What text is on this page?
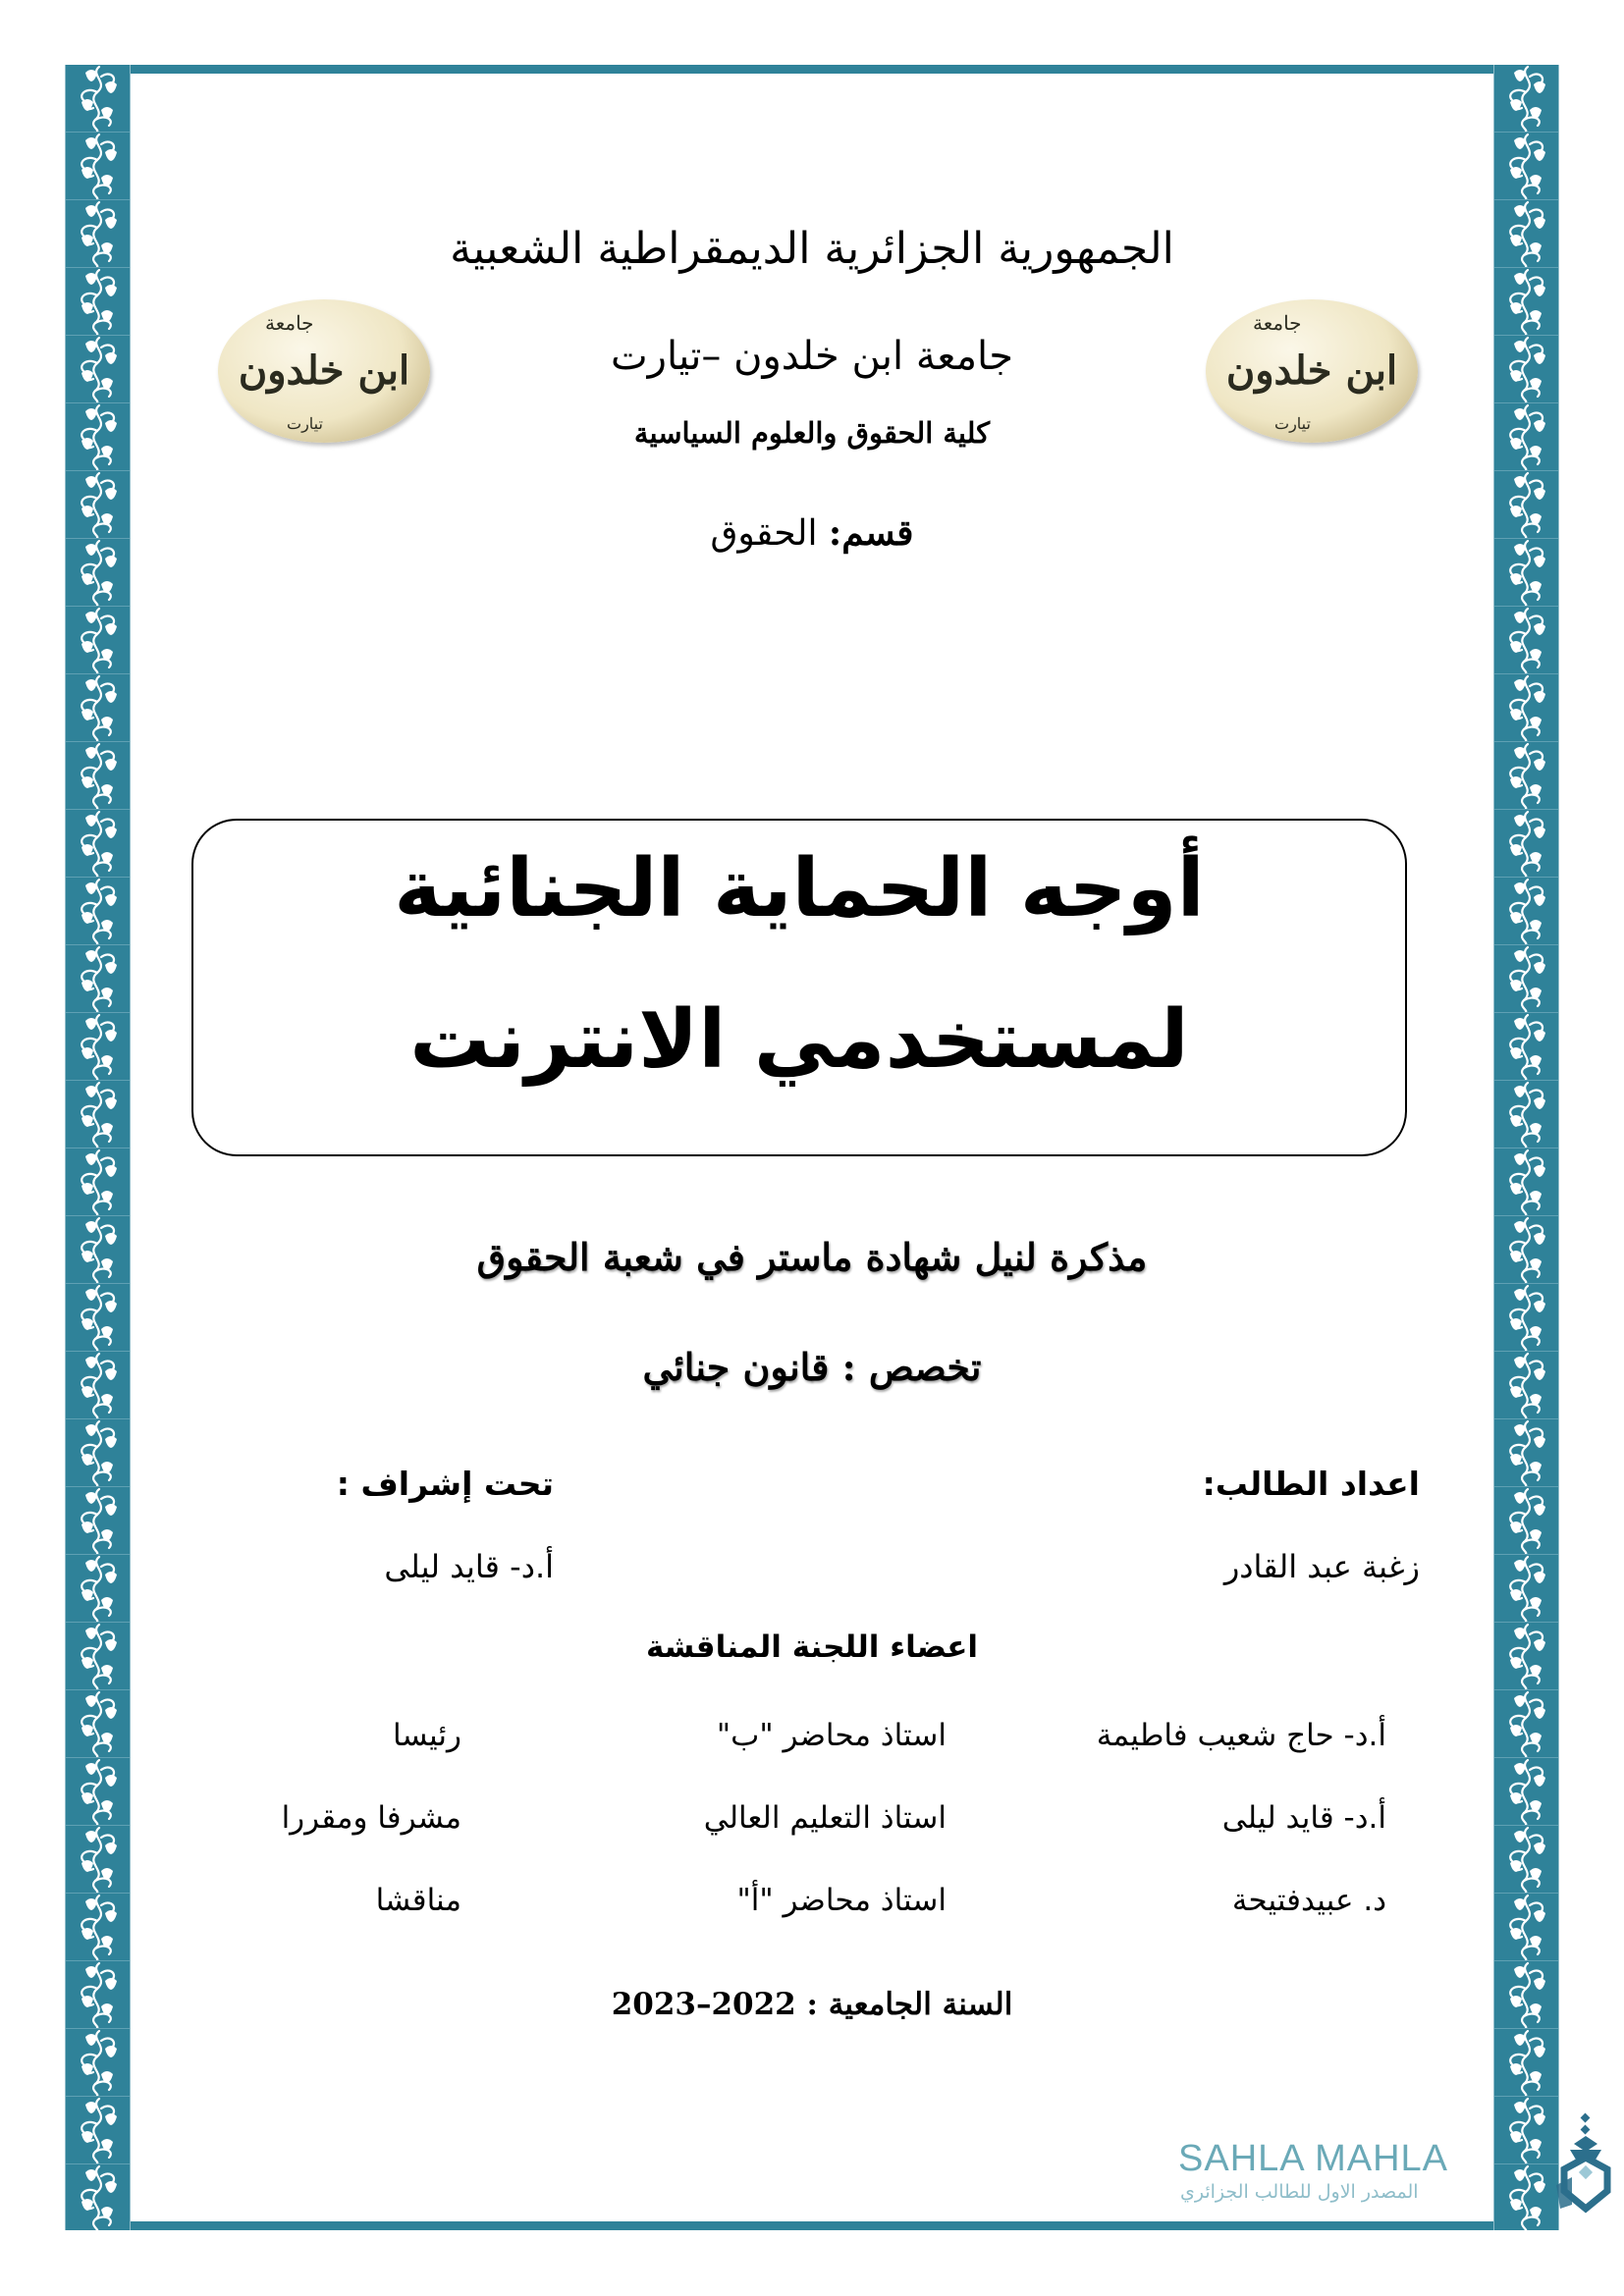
الجمهورية الجزائرية الديمقراطية الشعبية
جامعة ابن خلدون –تيارت
كلية الحقوق والعلوم السياسية
قسم: الحقوق
جامعة
ابن خلدون
تيارت
جامعة
ابن خلدون
تيارت
أوجه الحماية الجنائية
لمستخدمي الانترنت
مذكرة لنيل شهادة ماستر في شعبة الحقوق
تخصص : قانون جنائي
اعداد الطالب:
زغبة عبد القادر
تحت إشراف :
أ.د- قايد ليلى
اعضاء اللجنة المناقشة
أ.د- حاج شعيب فاطيمة
استاذ محاضر "ب"
رئيسا
أ.د- قايد ليلى
استاذ التعليم العالي
مشرفا ومقررا
د. عبيدفتيحة
استاذ محاضر "أ"
مناقشا
السنة الجامعية : 2022–2023
SAHLA MAHLA
المصدر الاول للطالب الجزائري
